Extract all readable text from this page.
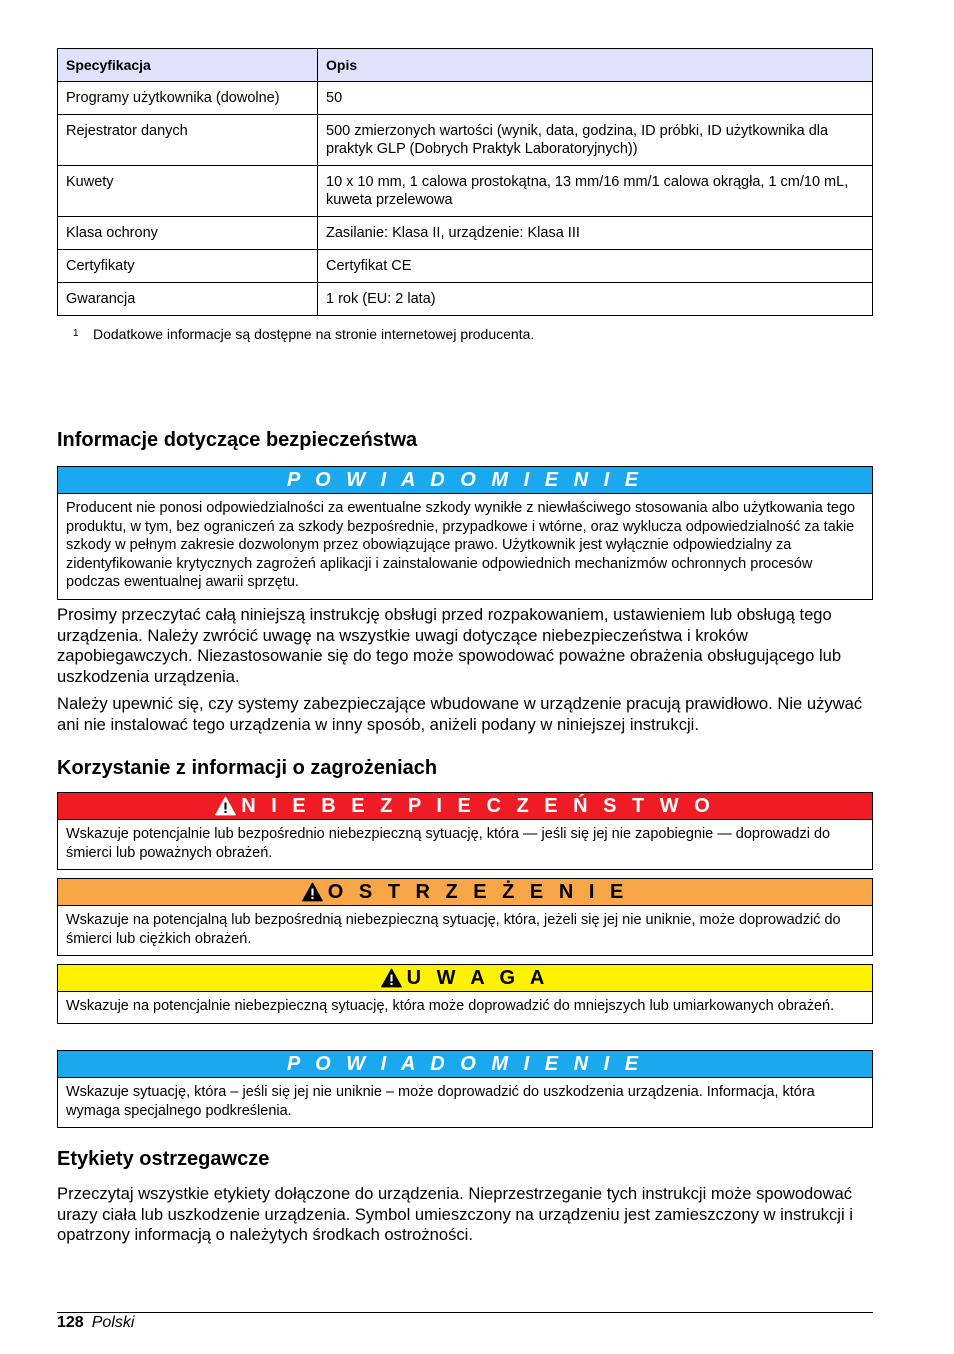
Specyfikacja	Opis
Programy użytkownika (dowolne)	50
Rejestrator danych	500 zmierzonych wartości (wynik, data, godzina, ID próbki, ID użytkownika dla praktyk GLP (Dobrych Praktyk Laboratoryjnych))
Kuwety	10 x 10 mm, 1 calowa prostokątna, 13 mm/16 mm/1 calowa okrągła, 1 cm/10 mL, kuweta przelewowa
Klasa ochrony	Zasilanie: Klasa II, urządzenie: Klasa III
Certyfikaty	Certyfikat CE
Gwarancja	1 rok (EU: 2 lata)
1 Dodatkowe informacje są dostępne na stronie internetowej producenta.
Informacje dotyczące bezpieczeństwa
P O W I A D O M I E N I E
Producent nie ponosi odpowiedzialności za ewentualne szkody wynikłe z niewłaściwego stosowania albo użytkowania tego produktu, w tym, bez ograniczeń za szkody bezpośrednie, przypadkowe i wtórne, oraz wyklucza odpowiedzialność za takie szkody w pełnym zakresie dozwolonym przez obowiązujące prawo. Użytkownik jest wyłącznie odpowiedzialny za zidentyfikowanie krytycznych zagrożeń aplikacji i zainstalowanie odpowiednich mechanizmów ochronnych procesów podczas ewentualnej awarii sprzętu.

Prosimy przeczytać całą niniejszą instrukcję obsługi przed rozpakowaniem, ustawieniem lub obsługą tego urządzenia. Należy zwrócić uwagę na wszystkie uwagi dotyczące niebezpieczeństwa i kroków zapobiegawczych. Niezastosowanie się do tego może spowodować poważne obrażenia obsługującego lub uszkodzenia urządzenia.

Należy upewnić się, czy systemy zabezpieczające wbudowane w urządzenie pracują prawidłowo. Nie używać ani nie instalować tego urządzenia w inny sposób, aniżeli podany w niniejszej instrukcji.

Korzystanie z informacji o zagrożeniach
N I E B E Z P I E C Z E Ń S T W O
Wskazuje potencjalnie lub bezpośrednio niebezpieczną sytuację, która — jeśli się jej nie zapobiegnie — doprowadzi do śmierci lub poważnych obrażeń.
O S T R Z E Ż E N I E
Wskazuje na potencjalną lub bezpośrednią niebezpieczną sytuację, która, jeżeli się jej nie uniknie, może doprowadzić do śmierci lub ciężkich obrażeń.
U W A G A
Wskazuje na potencjalnie niebezpieczną sytuację, która może doprowadzić do mniejszych lub umiarkowanych obrażeń.
P O W I A D O M I E N I E
Wskazuje sytuację, która – jeśli się jej nie uniknie – może doprowadzić do uszkodzenia urządzenia. Informacja, która wymaga specjalnego podkreślenia.
Etykiety ostrzegawcze

Przeczytaj wszystkie etykiety dołączone do urządzenia. Nieprzestrzeganie tych instrukcji może spowodować urazy ciała lub uszkodzenie urządzenia. Symbol umieszczony na urządzeniu jest zamieszczony w instrukcji i opatrzony informacją o należytych środkach ostrożności.

128 Polski
